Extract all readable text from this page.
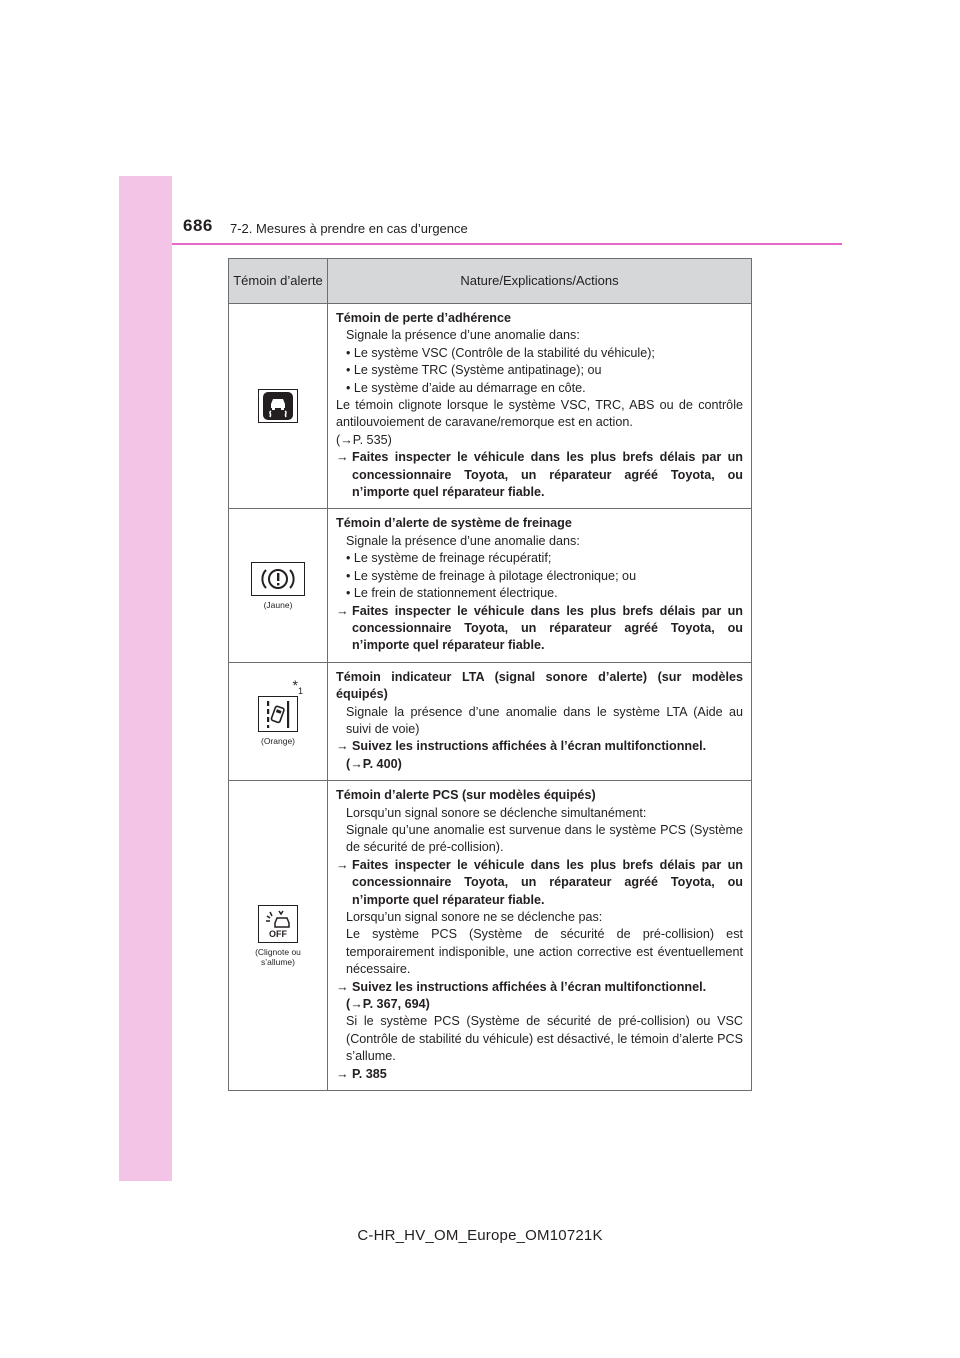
686 7-2. Mesures à prendre en cas d’urgence
Témoin d’alerte	Nature/Explications/Actions
Témoin de perte d’adhérence
Signale la présence d’une anomalie dans:
• Le système VSC (Contrôle de la stabilité du véhicule);
• Le système TRC (Système antipatinage); ou
• Le système d’aide au démarrage en côte.
Le témoin clignote lorsque le système VSC, TRC, ABS ou de contrôle antilouvoiement de caravane/remorque est en action.
(→P. 535)
→ Faites inspecter le véhicule dans les plus brefs délais par un concessionnaire Toyota, un réparateur agréé Toyota, ou n’importe quel réparateur fiable.
(Jaune)
Témoin d’alerte de système de freinage
Signale la présence d’une anomalie dans:
• Le système de freinage récupératif;
• Le système de freinage à pilotage électronique; ou
• Le frein de stationnement électrique.
→ Faites inspecter le véhicule dans les plus brefs délais par un concessionnaire Toyota, un réparateur agréé Toyota, ou n’importe quel réparateur fiable.
$*_1$
(Orange)
Témoin indicateur LTA (signal sonore d’alerte) (sur modèles équipés)
Signale la présence d’une anomalie dans le système LTA (Aide au suivi de voie)
→ Suivez les instructions affichées à l’écran multifonctionnel.
(→P. 400)
OFF
(Clignote ou s’allume)
Témoin d’alerte PCS (sur modèles équipés)
Lorsqu’un signal sonore se déclenche simultanément:
Signale qu’une anomalie est survenue dans le système PCS (Système de sécurité de pré-collision).
→ Faites inspecter le véhicule dans les plus brefs délais par un concessionnaire Toyota, un réparateur agréé Toyota, ou n’importe quel réparateur fiable.
Lorsqu’un signal sonore ne se déclenche pas:
Le système PCS (Système de sécurité de pré-collision) est temporairement indisponible, une action corrective est éventuellement nécessaire.
→ Suivez les instructions affichées à l’écran multifonctionnel.
(→P. 367, 694)
Si le système PCS (Système de sécurité de pré-collision) ou VSC (Contrôle de stabilité du véhicule) est désactivé, le témoin d’alerte PCS s’allume.
→ P. 385
C-HR_HV_OM_Europe_OM10721K
